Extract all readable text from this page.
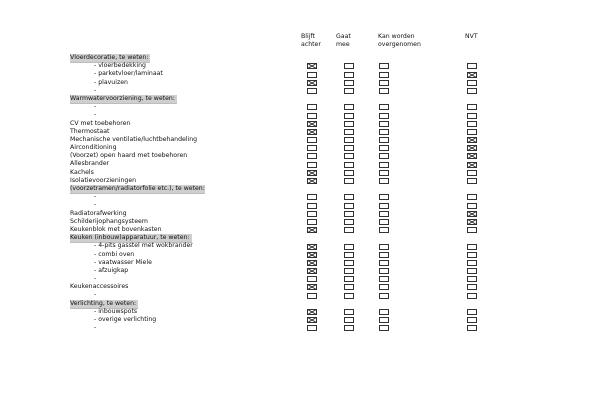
Blijft
achter
Gaat
mee
Kan worden
overgenomen
NVT
Vloerdecoratie, te weten:
- vloerbedekking
- parketvloer/laminaat
- plavuizen
-
Warmwatervoorziening, te weten:
-
-
CV met toebehoren
Thermostaat
Mechanische ventilatie/luchtbehandeling
Airconditioning
(Voorzet) open haard met toebehoren
Allesbrander
Kachels
Isolatievoorzieningen
(voorzetramen/radiatorfolie etc.), te weten:
-
-
Radiatorafwerking
Schilderijophangsysteem
Keukenblok met bovenkasten
Keuken (inbouw)apparatuur, te weten:
- 4-pits gasstel met wokbrander
- combi oven
- vaatwasser Miele
- afzuigkap
-
Keukenaccessoires
-
Verlichting, te weten:
- inbouwspots
- overige verlichting
-
